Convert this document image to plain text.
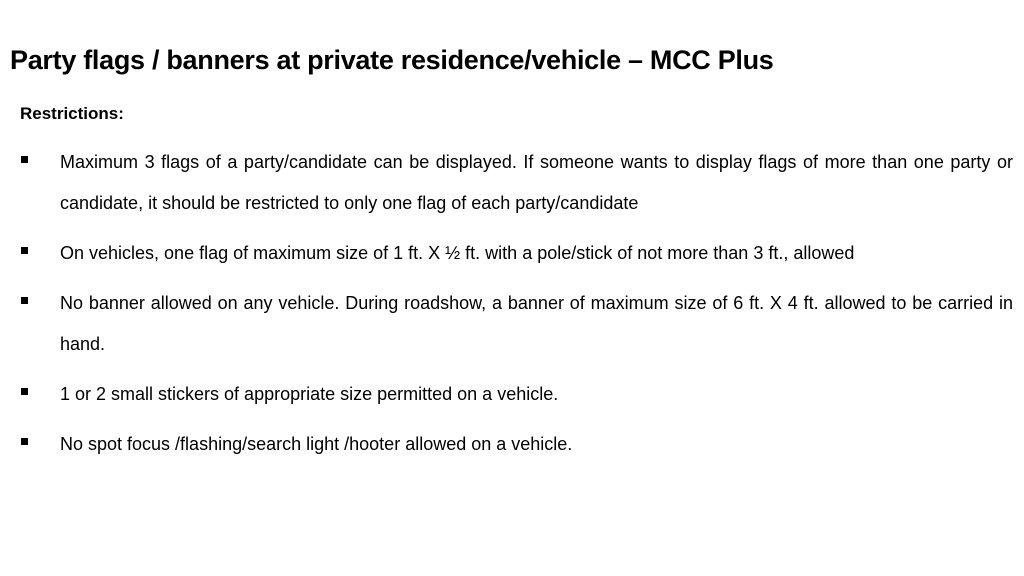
Party flags / banners at private residence/vehicle – MCC Plus
Restrictions:
Maximum 3 flags of a party/candidate can be displayed. If someone wants to display flags of more than one party or candidate, it should be restricted to only one flag of each party/candidate
On vehicles, one flag of maximum size of 1 ft. X ½ ft. with a pole/stick of not more than 3 ft., allowed
No banner allowed on any vehicle. During roadshow, a banner of maximum size of 6 ft. X 4 ft. allowed to be carried in hand.
1 or 2 small stickers of appropriate size permitted on a vehicle.
No spot focus /flashing/search light /hooter allowed on a vehicle.
